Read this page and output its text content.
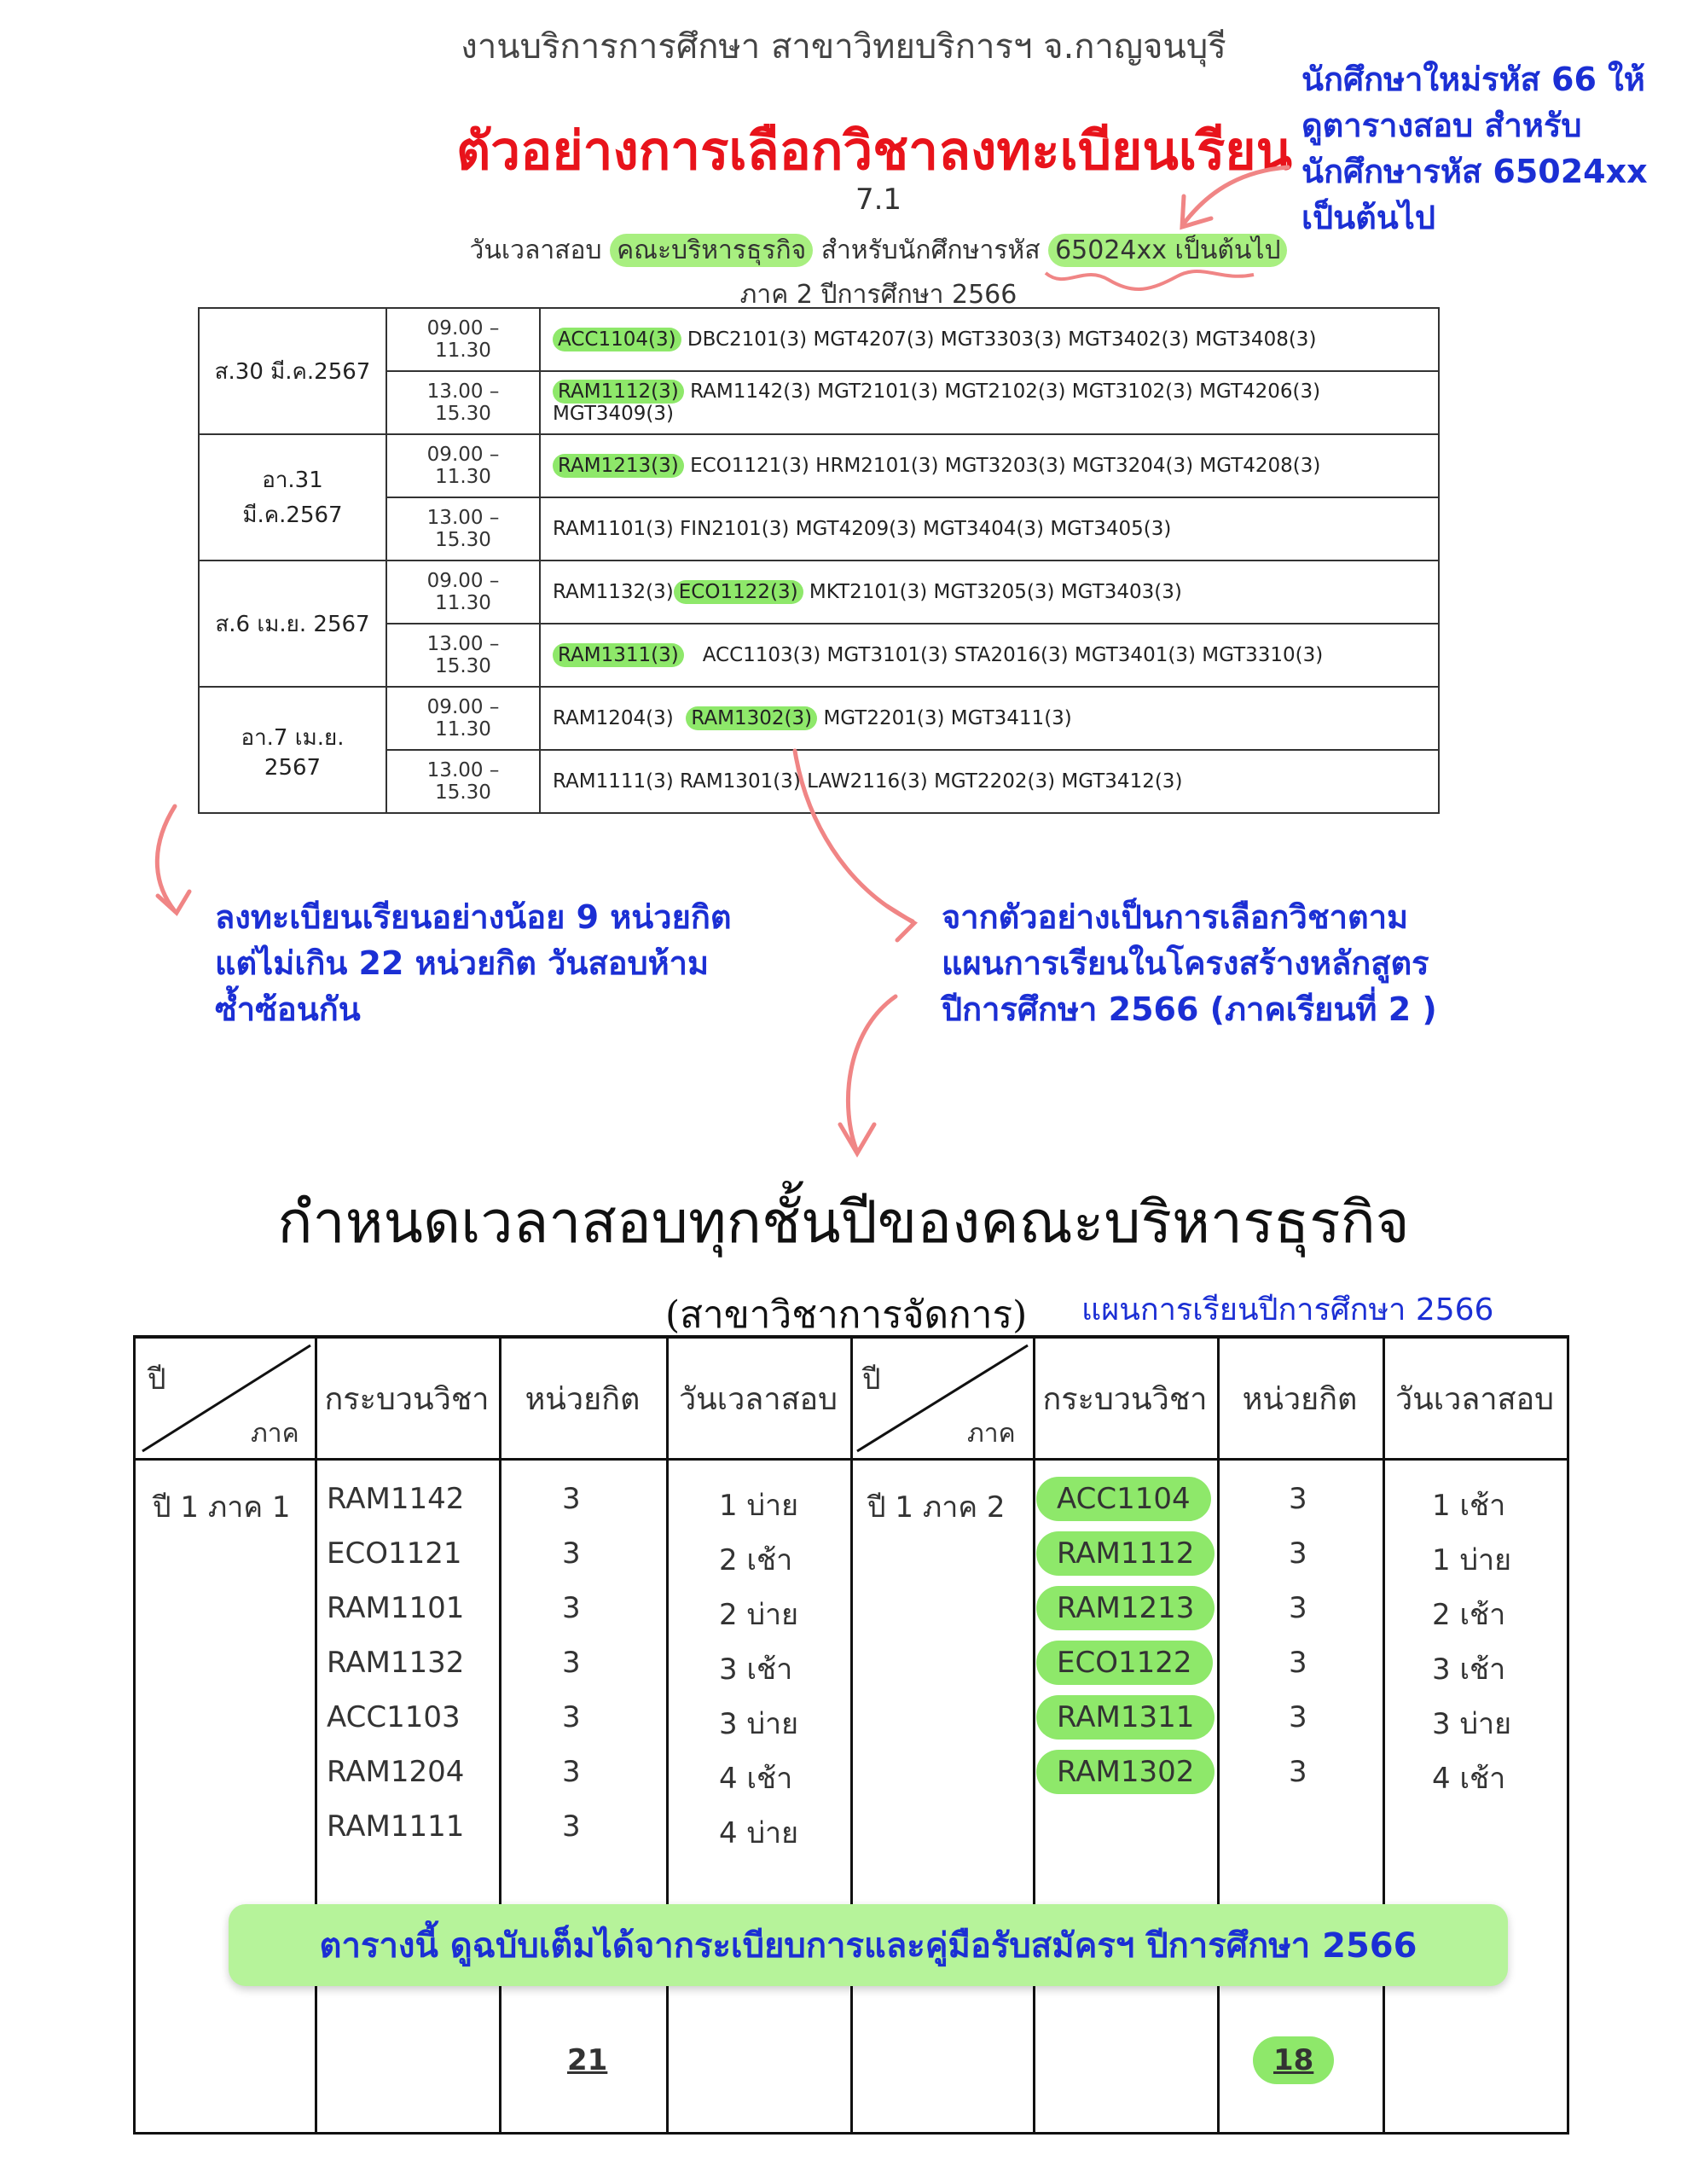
งานบริการการศึกษา สาขาวิทยบริการฯ จ.กาญจนบุรี
ตัวอย่างการเลือกวิชาลงทะเบียนเรียน
7.1
วันเวลาสอบ คณะบริหารธุรกิจ สำหรับนักศึกษารหัส 65024xx เป็นต้นไป
ภาค 2 ปีการศึกษา 2566
นักศึกษาใหม่รหัส 66 ให้
ดูตารางสอบ สำหรับ
นักศึกษารหัส 65024xx
เป็นต้นไป
ส.30 มี.ค.2567	09.00 – 11.30	ACC1104(3) DBC2101(3) MGT4207(3) MGT3303(3) MGT3402(3) MGT3408(3)
	13.00 – 15.30	RAM1112(3) RAM1142(3) MGT2101(3) MGT2102(3) MGT3102(3) MGT4206(3) MGT3409(3)
อา.31 มี.ค.2567	09.00 – 11.30	RAM1213(3) ECO1121(3) HRM2101(3) MGT3203(3) MGT3204(3) MGT4208(3)
	13.00 – 15.30	RAM1101(3) FIN2101(3) MGT4209(3) MGT3404(3) MGT3405(3)
ส.6 เม.ย. 2567	09.00 – 11.30	RAM1132(3) ECO1122(3) MKT2101(3) MGT3205(3) MGT3403(3)
	13.00 – 15.30	RAM1311(3) ACC1103(3) MGT3101(3) STA2016(3) MGT3401(3) MGT3310(3)
อา.7 เม.ย. 2567	09.00 – 11.30	RAM1204(3) RAM1302(3) MGT2201(3) MGT3411(3)
	13.00 – 15.30	RAM1111(3) RAM1301(3) LAW2116(3) MGT2202(3) MGT3412(3)
ลงทะเบียนเรียนอย่างน้อย 9 หน่วยกิต
แต่ไม่เกิน 22 หน่วยกิต วันสอบห้าม
ซ้ำซ้อนกัน
จากตัวอย่างเป็นการเลือกวิชาตาม
แผนการเรียนในโครงสร้างหลักสูตร
ปีการศึกษา 2566 (ภาคเรียนที่ 2 )
กำหนดเวลาสอบทุกชั้นปีของคณะบริหารธุรกิจ
(สาขาวิชาการจัดการ) แผนการเรียนปีการศึกษา 2566
ปี
ภาค
กระบวนวิชา	หน่วยกิต	วันเวลาสอบ
ปี
ภาค
กระบวนวิชา	หน่วยกิต	วันเวลาสอบ
ปี 1 ภาค 1 RAM1142	3	1 บ่าย
ECO1121	3	2 เช้า
RAM1101	3	2 บ่าย
RAM1132	3	3 เช้า
ACC1103	3	3 บ่าย
RAM1204	3	4 เช้า
RAM1111	3	4 บ่าย
21
ปี 1 ภาค 2	ACC1104	3	1 เช้า
RAM1112	3	1 บ่าย
RAM1213	3	2 เช้า
ECO1122	3	3 เช้า
RAM1311	3	3 บ่าย
RAM1302	3	4 เช้า
18
ตารางนี้ ดูฉบับเต็มได้จากระเบียบการและคู่มือรับสมัครฯ ปีการศึกษา 2566
